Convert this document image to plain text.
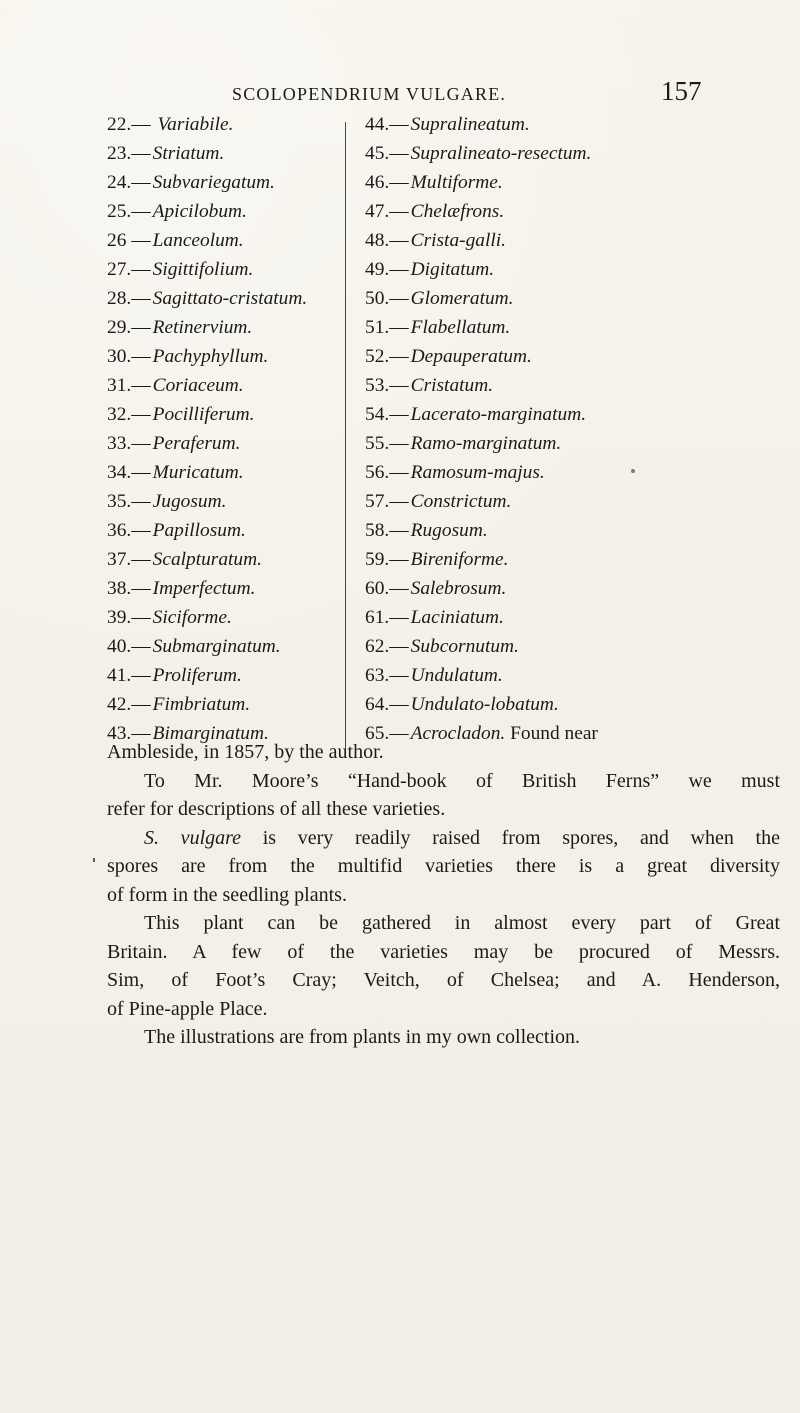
SCOLOPENDRIUM VULGARE.	157
22.— Variabile.
23.— Striatum.
24.— Subvariegatum.
25.— Apicilobum.
26 — Lanceolum.
27.— Sigittifolium.
28.— Sagittato-cristatum.
29.— Retinervium.
30.— Pachyphyllum.
31.— Coriaceum.
32.— Pocilliferum.
33.— Peraferum.
34.— Muricatum.
35.— Jugosum.
36.— Papillosum.
37.— Scalpturatum.
38.— Imperfectum.
39.— Siciforme.
40.— Submarginatum.
41.— Proliferum.
42.— Fimbriatum.
43.— Bimarginatum.
44.— Supralineatum.
45.— Supralineato-resectum.
46.— Multiforme.
47.— Chelæfrons.
48.— Crista-galli.
49.— Digitatum.
50.— Glomeratum.
51.— Flabellatum.
52.— Depauperatum.
53.— Cristatum.
54.— Lacerato-marginatum.
55.— Ramo-marginatum.
56.— Ramosum-majus.
57.— Constrictum.
58.— Rugosum.
59.— Bireniforme.
60.— Salebrosum.
61.— Laciniatum.
62.— Subcornutum.
63.— Undulatum.
64.— Undulato-lobatum.
65.— Acrocladon. Found near
Ambleside, in 1857, by the author.
To Mr. Moore’s “Hand-book of British Ferns” we must
refer for descriptions of all these varieties.
S. vulgare is very readily raised from spores, and when the
spores are from the multifid varieties there is a great diversity
of form in the seedling plants.
This plant can be gathered in almost every part of Great
Britain. A few of the varieties may be procured of Messrs.
Sim, of Foot’s Cray; Veitch, of Chelsea; and A. Henderson,
of Pine-apple Place.
The illustrations are from plants in my own collection.
